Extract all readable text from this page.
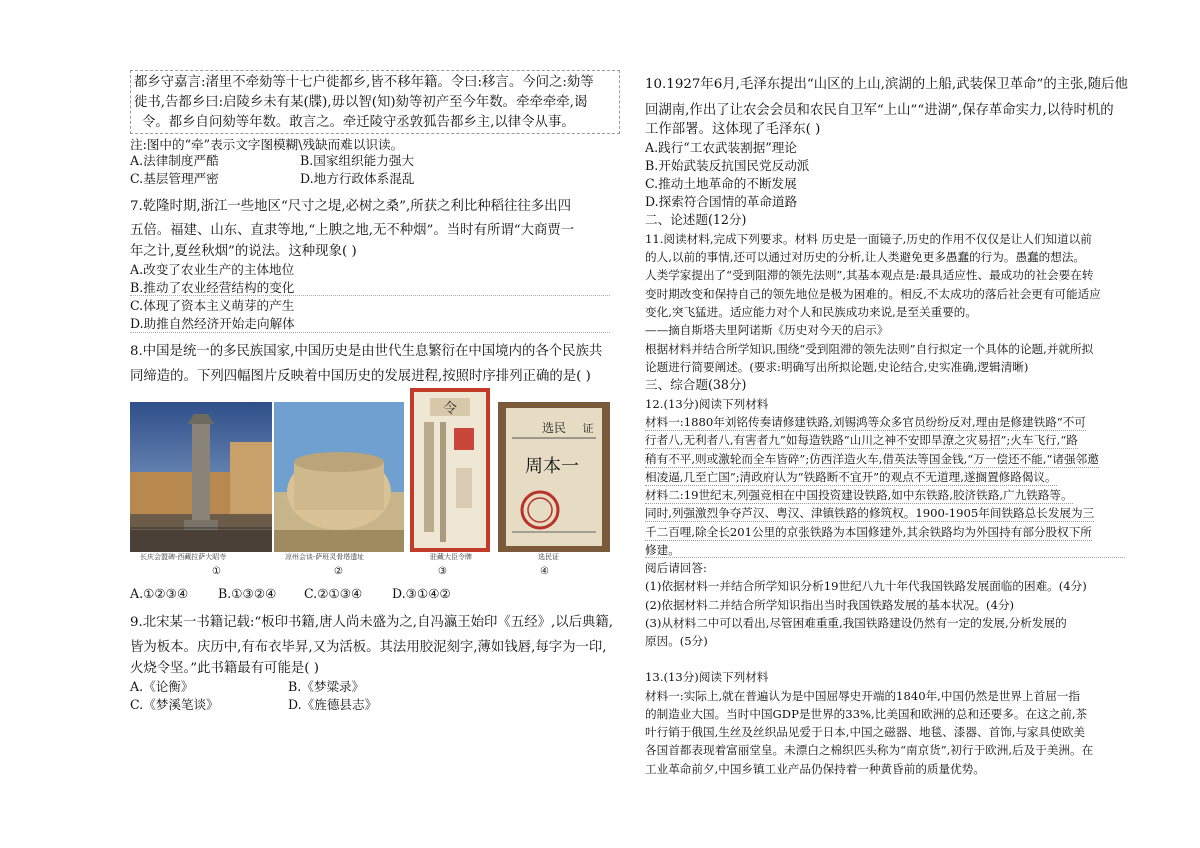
都乡守嘉言:渚里不牵劾等十七户徙都乡,皆不移年籍。令曰:移言。今问之:劾等
徙书,告都乡曰:启陵乡未有某(牒),毋以智(知)劾等初产至今年数。牵牵牵牵,谒
令。都乡自问劾等年数。敢言之。牵迁陵守丞敦狐告都乡主,以律令从事。
注:图中的“牵”表示文字图模糊\残缺而难以识读。
A.法律制度严酷	B.国家组织能力强大
C.基层管理严密	D.地方行政体系混乱
7.乾隆时期,浙江一些地区“尺寸之堤,必树之桑”,所获之利比种稻往往多出四
五倍。福建、山东、直隶等地,“上腴之地,无不种烟”。当时有所谓“大商贾一
年之计,夏丝秋烟”的说法。这种现象( )
A.改变了农业生产的主体地位
B.推动了农业经营结构的变化
C.体现了资本主义萌芽的产生
D.助推自然经济开始走向解体
8.中国是统一的多民族国家,中国历史是由世代生息繁衍在中国境内的各个民族共
同缔造的。下列四幅图片反映着中国历史的发展进程,按照时序排列正确的是( )
令
选民 证
周本一
长庆会盟碑·西藏拉萨大昭寺	凉州会谈·萨班灵骨塔遗址	驻藏大臣令牌	选民证
①	②	③	④
A.①②③④ B.①③②④ C.②①③④ D.③①④②
9.北宋某一书籍记载:“板印书籍,唐人尚未盛为之,自冯瀛王始印《五经》,以后典籍,
皆为板本。庆历中,有布衣毕昇,又为活板。其法用胶泥刻字,薄如钱唇,每字为一印,
火烧令坚。”此书籍最有可能是( )
A.《论衡》	B.《梦粱录》
C.《梦溪笔谈》	D.《旌德县志》
10.1927年6月,毛泽东提出“山区的上山,滨湖的上船,武装保卫革命”的主张,随后他
回湖南,作出了让农会会员和农民自卫军“上山”“进湖”,保存革命实力,以待时机的
工作部署。这体现了毛泽东( )
A.践行“工农武装割据”理论
B.开始武装反抗国民党反动派
C.推动土地革命的不断发展
D.探索符合国情的革命道路
二、论述题(12分)
11.阅读材料,完成下列要求。材料 历史是一面镜子,历史的作用不仅仅是让人们知道以前
的人,以前的事情,还可以通过对历史的分析,让人类避免更多愚蠢的行为。愚蠢的想法。
人类学家提出了“受到阻滞的领先法则”,其基本观点是:最具适应性、最成功的社会要在转
变时期改变和保持自己的领先地位是极为困难的。相反,不太成功的落后社会更有可能适应
变化,突飞猛进。适应能力对个人和民族成功来说,是至关重要的。
——摘自斯塔夫里阿诺斯《历史对今天的启示》
根据材料并结合所学知识,围绕“受到阻滞的领先法则”自行拟定一个具体的论题,并就所拟
论题进行简要阐述。(要求:明确写出所拟论题,史论结合,史实准确,逻辑清晰)
三、综合题(38分)
12.(13分)阅读下列材料
材料一:1880年刘铭传奏请修建铁路,刘锡鸿等众多官员纷纷反对,理由是修建铁路“不可
行者八,无利者八,有害者九”如每造铁路“山川之神不安即旱潦之灾易招”;火车飞行,“路
稍有不平,则或激轮而全车皆碎”;仿西洋造火车,借英法等国金钱,“万一偿还不能,“诸强邻邀
相凌逼,几至亡国”;清政府认为“铁路断不宜开”的观点不无道理,遂搁置修路偈议。
材料二:19世纪末,列强竞相在中国投资建设铁路,如中东铁路,胶济铁路,广九铁路等。
同时,列强激烈争夺芦汉、粤汉、津镇铁路的修筑权。1900-1905年间铁路总长发展为三
千二百哩,除全长201公里的京张铁路为本国修建外,其余铁路均为外国持有部分股权下所
修建。
阅后请回答:
(1)依据材料一并结合所学知识分析19世纪八九十年代我国铁路发展面临的困难。(4分)
(2)依据材料二并结合所学知识指出当时我国铁路发展的基本状况。(4分)
(3)从材料二中可以看出,尽管困难重重,我国铁路建设仍然有一定的发展,分析发展的
原因。(5分)
13.(13分)阅读下列材料
材料一:实际上,就在普遍认为是中国屈辱史开端的1840年,中国仍然是世界上首屈一指
的制造业大国。当时中国GDP是世界的33%,比美国和欧洲的总和还要多。在这之前,茶
叶行销于俄国,生丝及丝织品见爱于日本,中国之磁器、地毯、漆器、首饰,与家具使欧美
各国首都表现着富丽堂皇。未漂白之棉织匹头称为“南京货”,初行于欧洲,后及于美洲。在
工业革命前夕,中国乡镇工业产品仍保持着一种黄昏前的质量优势。
